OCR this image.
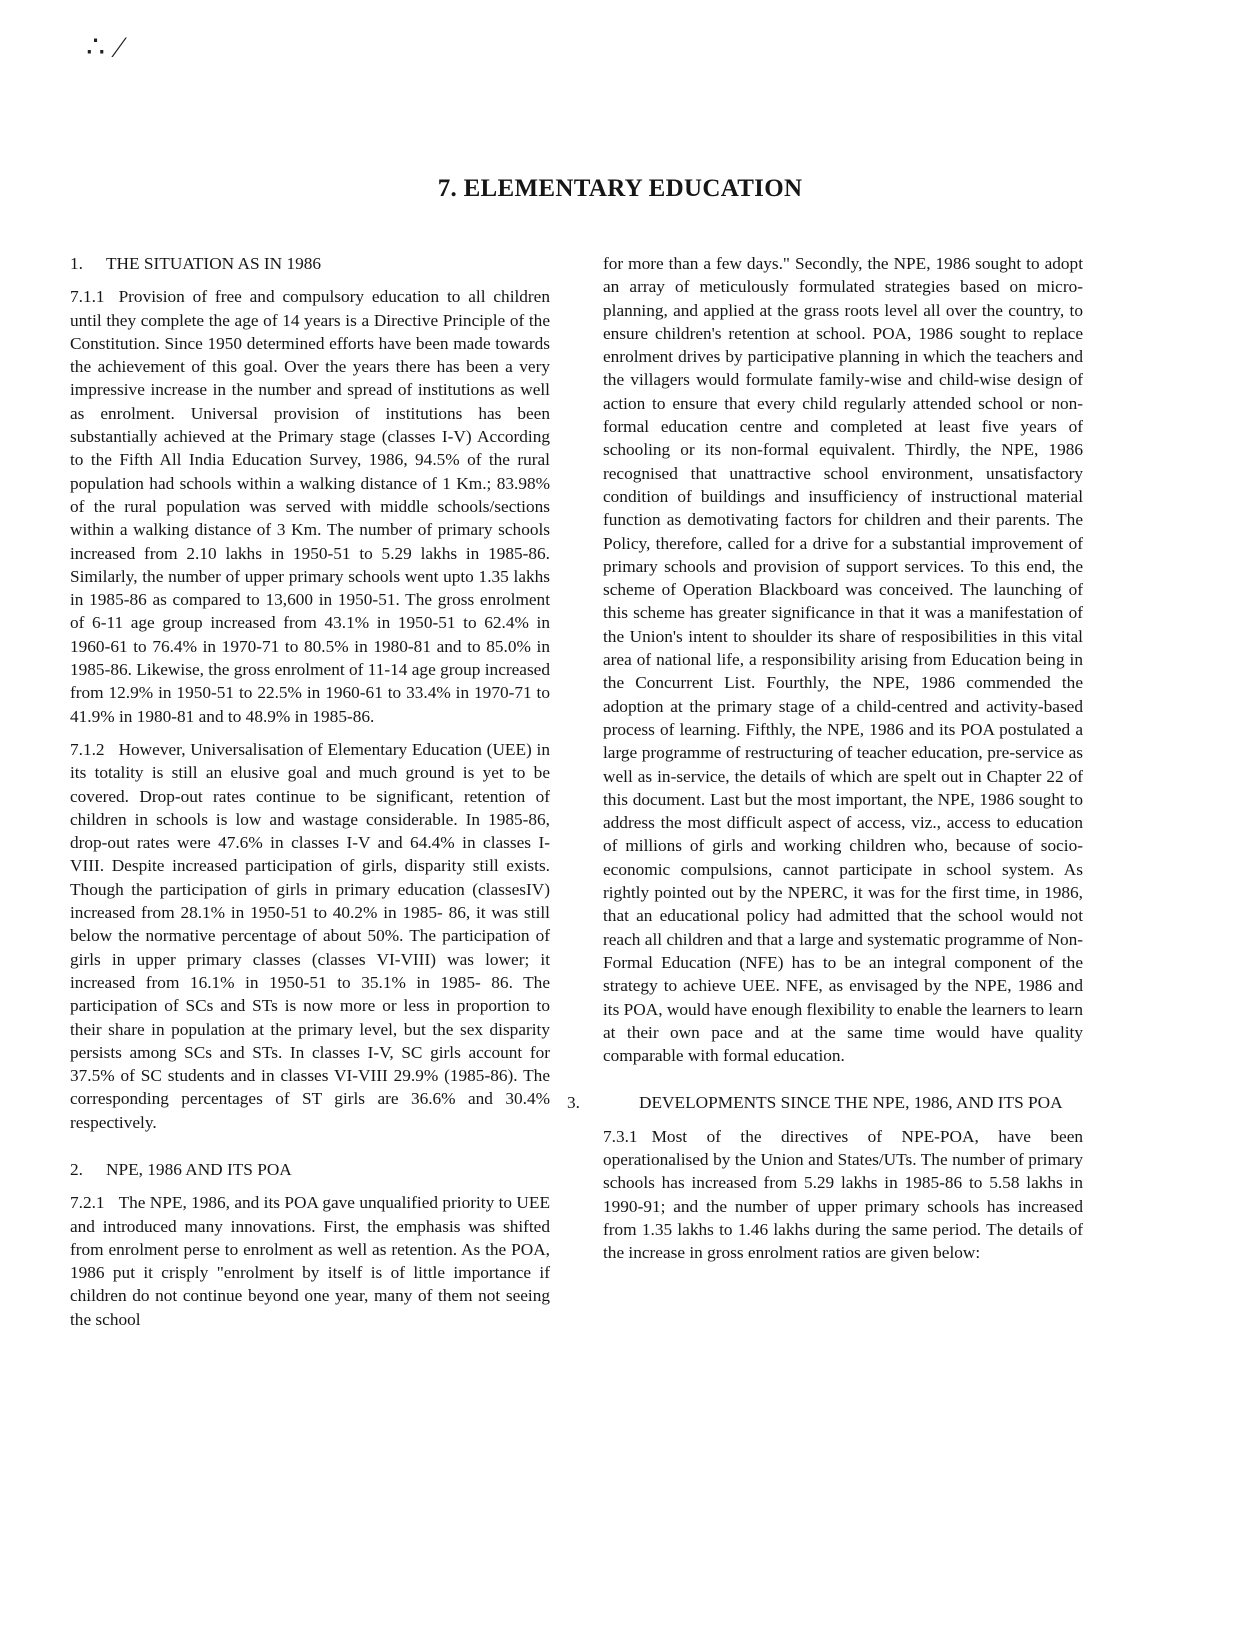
∴ ⁄
7. ELEMENTARY EDUCATION
1. THE SITUATION AS IN 1986

7.1.1 Provision of free and compulsory education to all children until they complete the age of 14 years is a Directive Principle of the Constitution. Since 1950 determined efforts have been made towards the achievement of this goal. Over the years there has been a very impressive increase in the number and spread of institutions as well as enrolment. Universal provision of institutions has been substantially achieved at the Primary stage (classes I-V) According to the Fifth All India Education Survey, 1986, 94.5% of the rural population had schools within a walking distance of 1 Km.; 83.98% of the rural population was served with middle schools/sections within a walking distance of 3 Km. The number of primary schools increased from 2.10 lakhs in 1950-51 to 5.29 lakhs in 1985-86. Similarly, the number of upper primary schools went upto 1.35 lakhs in 1985-86 as compared to 13,600 in 1950-51. The gross enrolment of 6-11 age group increased from 43.1% in 1950-51 to 62.4% in 1960-61 to 76.4% in 1970-71 to 80.5% in 1980-81 and to 85.0% in 1985-86. Likewise, the gross enrolment of 11-14 age group increased from 12.9% in 1950-51 to 22.5% in 1960-61 to 33.4% in 1970-71 to 41.9% in 1980-81 and to 48.9% in 1985-86.

7.1.2 However, Universalisation of Elementary Education (UEE) in its totality is still an elusive goal and much ground is yet to be covered. Drop-out rates continue to be significant, retention of children in schools is low and wastage considerable. In 1985-86, drop-out rates were 47.6% in classes I-V and 64.4% in classes I- VIII. Despite increased participation of girls, disparity still exists. Though the participation of girls in primary education (classesIV) increased from 28.1% in 1950-51 to 40.2% in 1985- 86, it was still below the normative percentage of about 50%. The participation of girls in upper primary classes (classes VI-VIII) was lower; it increased from 16.1% in 1950-51 to 35.1% in 1985- 86. The participation of SCs and STs is now more or less in proportion to their share in population at the primary level, but the sex disparity persists among SCs and STs. In classes I-V, SC girls account for 37.5% of SC students and in classes VI-VIII 29.9% (1985-86). The corresponding percentages of ST girls are 36.6% and 30.4% respectively.

2. NPE, 1986 AND ITS POA

7.2.1 The NPE, 1986, and its POA gave unqualified priority to UEE and introduced many innovations. First, the emphasis was shifted from enrolment perse to enrolment as well as retention. As the POA, 1986 put it crisply "enrolment by itself is of little importance if children do not continue beyond one year, many of them not seeing the school

for more than a few days." Secondly, the NPE, 1986 sought to adopt an array of meticulously formulated strategies based on micro-planning, and applied at the grass roots level all over the country, to ensure children's retention at school. POA, 1986 sought to replace enrolment drives by participative planning in which the teachers and the villagers would formulate family-wise and child-wise design of action to ensure that every child regularly attended school or non-formal education centre and completed at least five years of schooling or its non-formal equivalent. Thirdly, the NPE, 1986 recognised that unattractive school environment, unsatisfactory condition of buildings and insufficiency of instructional material function as demotivating factors for children and their parents. The Policy, therefore, called for a drive for a substantial improvement of primary schools and provision of support services. To this end, the scheme of Operation Blackboard was conceived. The launching of this scheme has greater significance in that it was a manifestation of the Union's intent to shoulder its share of resposibilities in this vital area of national life, a responsibility arising from Education being in the Concurrent List. Fourthly, the NPE, 1986 commended the adoption at the primary stage of a child-centred and activity-based process of learning. Fifthly, the NPE, 1986 and its POA postulated a large programme of restructuring of teacher education, pre-service as well as in-service, the details of which are spelt out in Chapter 22 of this document. Last but the most important, the NPE, 1986 sought to address the most difficult aspect of access, viz., access to education of millions of girls and working children who, because of socio-economic compulsions, cannot participate in school system. As rightly pointed out by the NPERC, it was for the first time, in 1986, that an educational policy had admitted that the school would not reach all children and that a large and systematic programme of Non-Formal Education (NFE) has to be an integral component of the strategy to achieve UEE. NFE, as envisaged by the NPE, 1986 and its POA, would have enough flexibility to enable the learners to learn at their own pace and at the same time would have quality comparable with formal education.

3.	DEVELOPMENTS SINCE THE NPE, 1986, AND ITS POA

7.3.1 Most of the directives of NPE-POA, have been operationalised by the Union and States/UTs. The number of primary schools has increased from 5.29 lakhs in 1985-86 to 5.58 lakhs in 1990-91; and the number of upper primary schools has increased from 1.35 lakhs to 1.46 lakhs during the same period. The details of the increase in gross enrolment ratios are given below:
